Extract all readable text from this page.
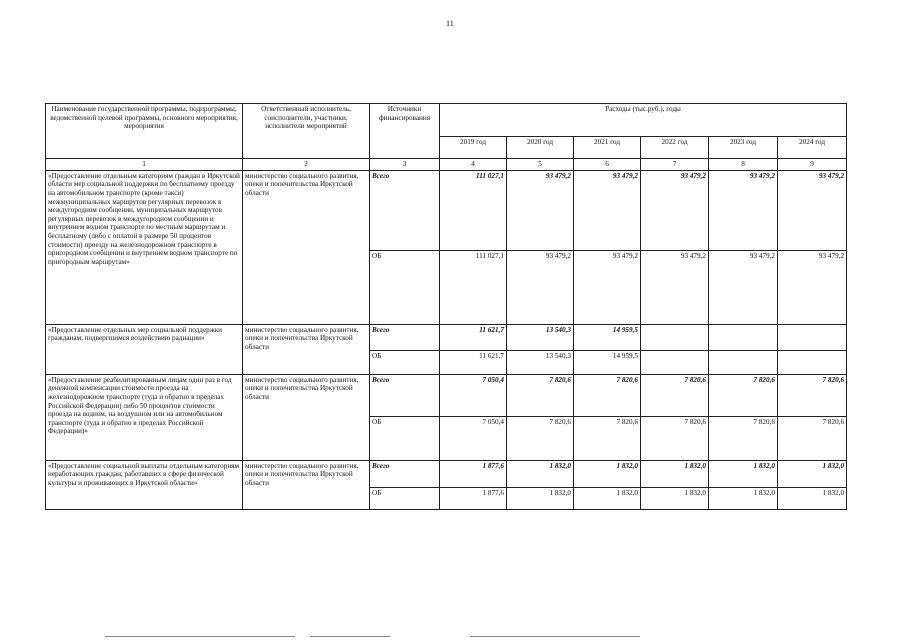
11
Наименование государственной программы, подпрограммы, ведомственной целевой программы, основного мероприятия, мероприятия	Ответственный исполнитель, соисполнители, участники, исполнители мероприятий	Источники финансирования	Расходы (тыс.руб.), годы					
			2019 год	2020 год	2021 год	2022 год	2023 год	2024 год
1	2	3	4	5	6	7	8	9
«Предоставление отдельным категориям граждан в Иркутской области мер социальной поддержки по бесплатному проезду на автомобильном транспорте (кроме такси) межмуниципальных маршрутов регулярных перевозок в междугородном сообщении, муниципальных маршрутов регулярных перевозок в междугородном сообщении и внутреннем водном транспорте по местным маршрутам и бесплатному (либо с оплатой в размере 50 процентов стоимости) проезду на железнодорожном транспорте в пригородном сообщении и внутреннем водном транспорте по пригородным маршрутам»	министерство социального развития, опеки и попечительства Иркутской области	Всего	111 027,1	93 479,2	93 479,2	93 479,2	93 479,2	93 479,2
		ОБ	111 027,1	93 479,2	93 479,2	93 479,2	93 479,2	93 479,2
«Предоставление отдельных мер социальной поддержки гражданам, подвергшимся воздействию радиации»	министерство социального развития, опеки и попечительства Иркутской области	Всего	11 621,7	13 540,3	14 959,5			
		ОБ	11 621,7	13 540,3	14 959,5			
«Предоставление реабилитированным лицам один раз в год денежной компенсации стоимости проезда на железнодорожном транспорте (туда и обратно в пределах Российской Федерации) либо 50 процентов стоимости проезда на водном, на воздушном или на автомобильном транспорте (туда и обратно в пределах Российской Федерации)»	министерство социального развития, опеки и попечительства Иркутской области	Всего	7 050,4	7 820,6	7 820,6	7 820,6	7 820,6	7 820,6
		ОБ	7 050,4	7 820,6	7 820,6	7 820,6	7 820,6	7 820,6
«Предоставление социальной выплаты отдельным категориям неработающих граждан, работавших в сфере физической культуры и проживающих в Иркутской области»	министерство социального развития, опеки и попечительства Иркутской области	Всего	1 877,6	1 832,0	1 832,0	1 832,0	1 832,0	1 832,0
		ОБ	1 877,6	1 832,0	1 832,0	1 832,0	1 832,0	1 832,0
